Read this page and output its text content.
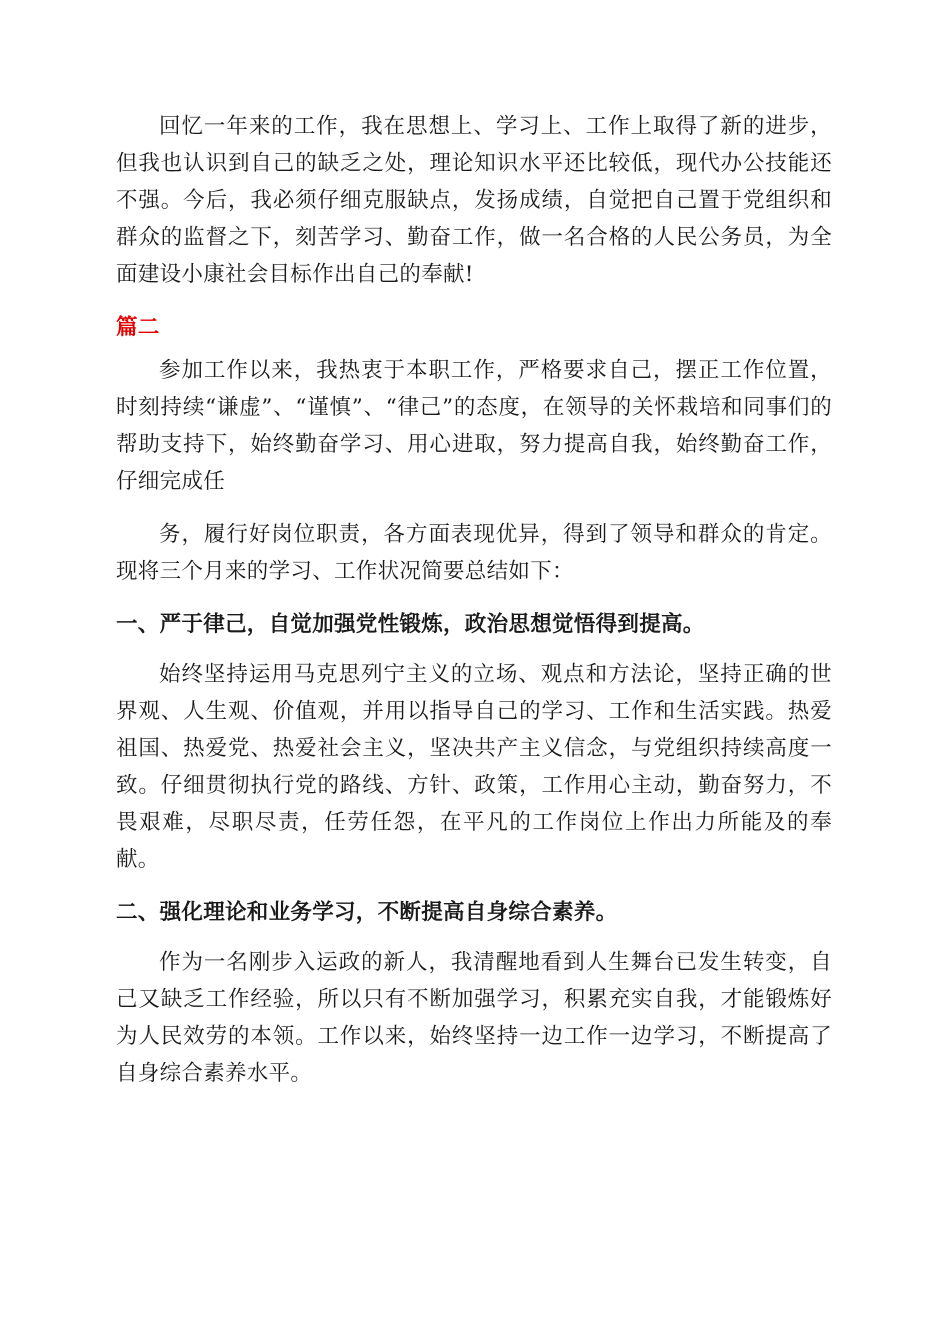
回忆一年来的工作，我在思想上、学习上、工作上取得了新的进步，但我也认识到自己的缺乏之处，理论知识水平还比较低，现代办公技能还不强。今后，我必须仔细克服缺点，发扬成绩，自觉把自己置于党组织和群众的监督之下，刻苦学习、勤奋工作，做一名合格的人民公务员，为全面建设小康社会目标作出自己的奉献!

篇二

参加工作以来，我热衷于本职工作，严格要求自己，摆正工作位置，时刻持续“谦虚”、“谨慎”、“律己”的态度，在领导的关怀栽培和同事们的帮助支持下，始终勤奋学习、用心进取，努力提高自我，始终勤奋工作，仔细完成任

务，履行好岗位职责，各方面表现优异，得到了领导和群众的肯定。现将三个月来的学习、工作状况简要总结如下：

一、严于律己，自觉加强党性锻炼，政治思想觉悟得到提高。

始终坚持运用马克思列宁主义的立场、观点和方法论，坚持正确的世界观、人生观、价值观，并用以指导自己的学习、工作和生活实践。热爱祖国、热爱党、热爱社会主义，坚决共产主义信念，与党组织持续高度一致。仔细贯彻执行党的路线、方针、政策，工作用心主动，勤奋努力，不畏艰难，尽职尽责，任劳任怨，在平凡的工作岗位上作出力所能及的奉献。

二、强化理论和业务学习，不断提高自身综合素养。

作为一名刚步入运政的新人，我清醒地看到人生舞台已发生转变，自己又缺乏工作经验，所以只有不断加强学习，积累充实自我，才能锻炼好为人民效劳的本领。工作以来，始终坚持一边工作一边学习，不断提高了自身综合素养水平。
